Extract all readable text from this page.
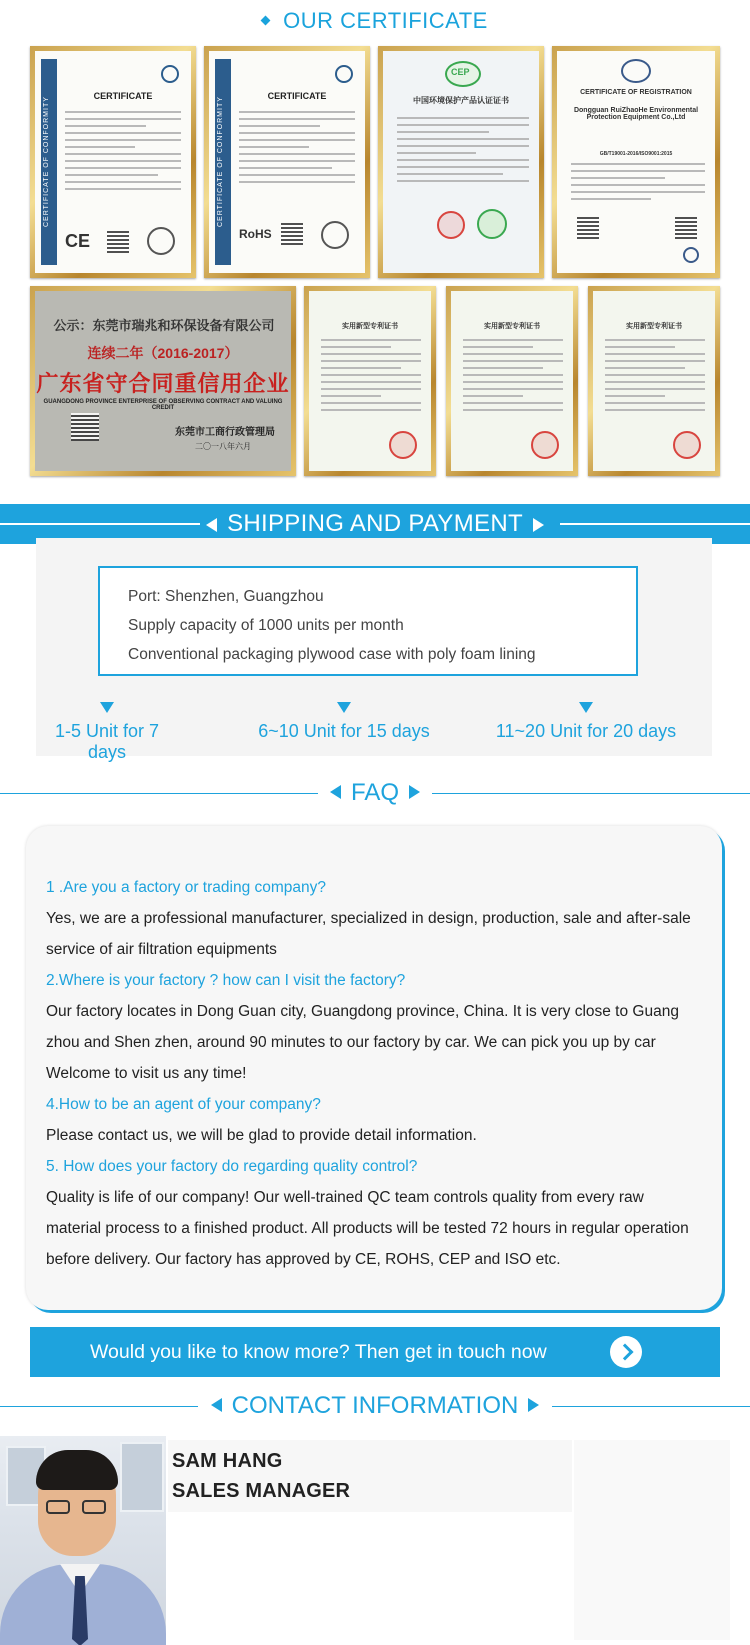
OUR CERTIFICATE
CERTIFICATE OF CONFORMITY
CERTIFICATE
CE
CERTIFICATE OF CONFORMITY
CERTIFICATE
RoHS
CEP
中国环境保护产品认证证书
CERTIFICATE OF REGISTRATION
Dongguan RuiZhaoHe Environmental Protection Equipment Co.,Ltd
GB/T19001-2016/ISO9001:2015
公示：东莞市瑞兆和环保设备有限公司
连续二年（2016-2017）
广东省守合同重信用企业
GUANGDONG PROVINCE ENTERPRISE OF OBSERVING CONTRACT AND VALUING CREDIT
东莞市工商行政管理局
二〇一八年六月
实用新型专利证书	实用新型专利证书	实用新型专利证书
SHIPPING AND PAYMENT

Port: Shenzhen, Guangzhou

Supply capacity of 1000 units per month

Conventional packaging plywood case with poly foam lining

1-5 Unit for 7 days
6~10 Unit for 15 days	11~20 Unit for 20 days
FAQ
1 .Are you a factory or trading company?
Yes, we are a professional manufacturer, specialized in design, production, sale and after-sale service of air filtration equipments
2.Where is your factory ? how can I visit the factory?
Our factory locates in Dong Guan city, Guangdong province, China. It is very close to Guang zhou and Shen zhen, around 90 minutes to our factory by car. We can pick you up by car Welcome to visit us any time!
4.How to be an agent of your company?
Please contact us, we will be glad to provide detail information.
5. How does your factory do regarding quality control?
Quality is life of our company! Our well-trained QC team controls quality from every raw material process to a finished product. All products will be tested 72 hours in regular operation before delivery. Our factory has approved by CE, ROHS, CEP and ISO etc.
Would you like to know more? Then get in touch now
CONTACT INFORMATION
SAM HANG
SALES MANAGER
